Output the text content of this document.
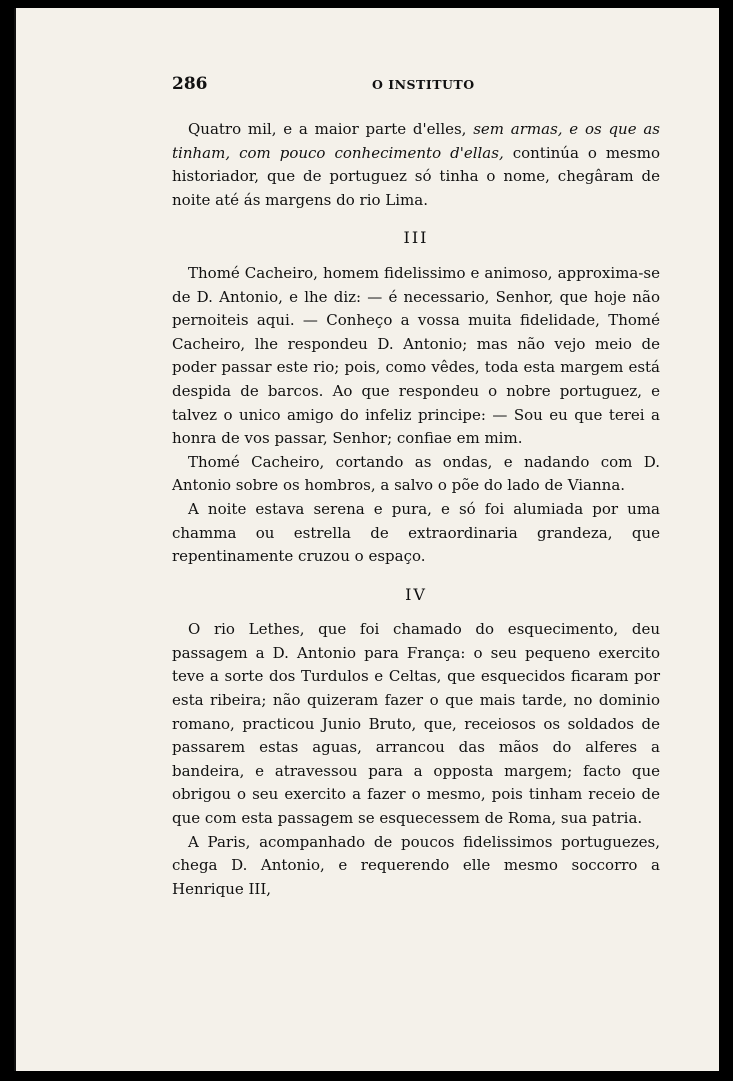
286	O INSTITUTO

Quatro mil, e a maior parte d'elles, sem armas, e os que as tinham, com pouco conhecimento d'ellas, continúa o mesmo historiador, que de portuguez só tinha o nome, chegâram de noite até ás margens do rio Lima.

III

Thomé Cacheiro, homem fidelissimo e animoso, approxima-se de D. Antonio, e lhe diz: — é necessario, Senhor, que hoje não pernoiteis aqui. — Conheço a vossa muita fidelidade, Thomé Cacheiro, lhe respondeu D. Antonio; mas não vejo meio de poder passar este rio; pois, como vêdes, toda esta margem está despida de barcos. Ao que respondeu o nobre portuguez, e talvez o unico amigo do infeliz principe: — Sou eu que terei a honra de vos passar, Senhor; confiae em mim.

Thomé Cacheiro, cortando as ondas, e nadando com D. Antonio sobre os hombros, a salvo o põe do lado de Vianna.

A noite estava serena e pura, e só foi alumiada por uma chamma ou estrella de extraordinaria grandeza, que repentinamente cruzou o espaço.

IV

O rio Lethes, que foi chamado do esquecimento, deu passagem a D. Antonio para França: o seu pequeno exercito teve a sorte dos Turdulos e Celtas, que esquecidos ficaram por esta ribeira; não quizeram fazer o que mais tarde, no dominio romano, practicou Junio Bruto, que, receiosos os soldados de passarem estas aguas, arrancou das mãos do alferes a bandeira, e atravessou para a opposta margem; facto que obrigou o seu exercito a fazer o mesmo, pois tinham receio de que com esta passagem se esquecessem de Roma, sua patria.

A Paris, acompanhado de poucos fidelissimos portuguezes, chega D. Antonio, e requerendo elle mesmo soccorro a Henrique III,
